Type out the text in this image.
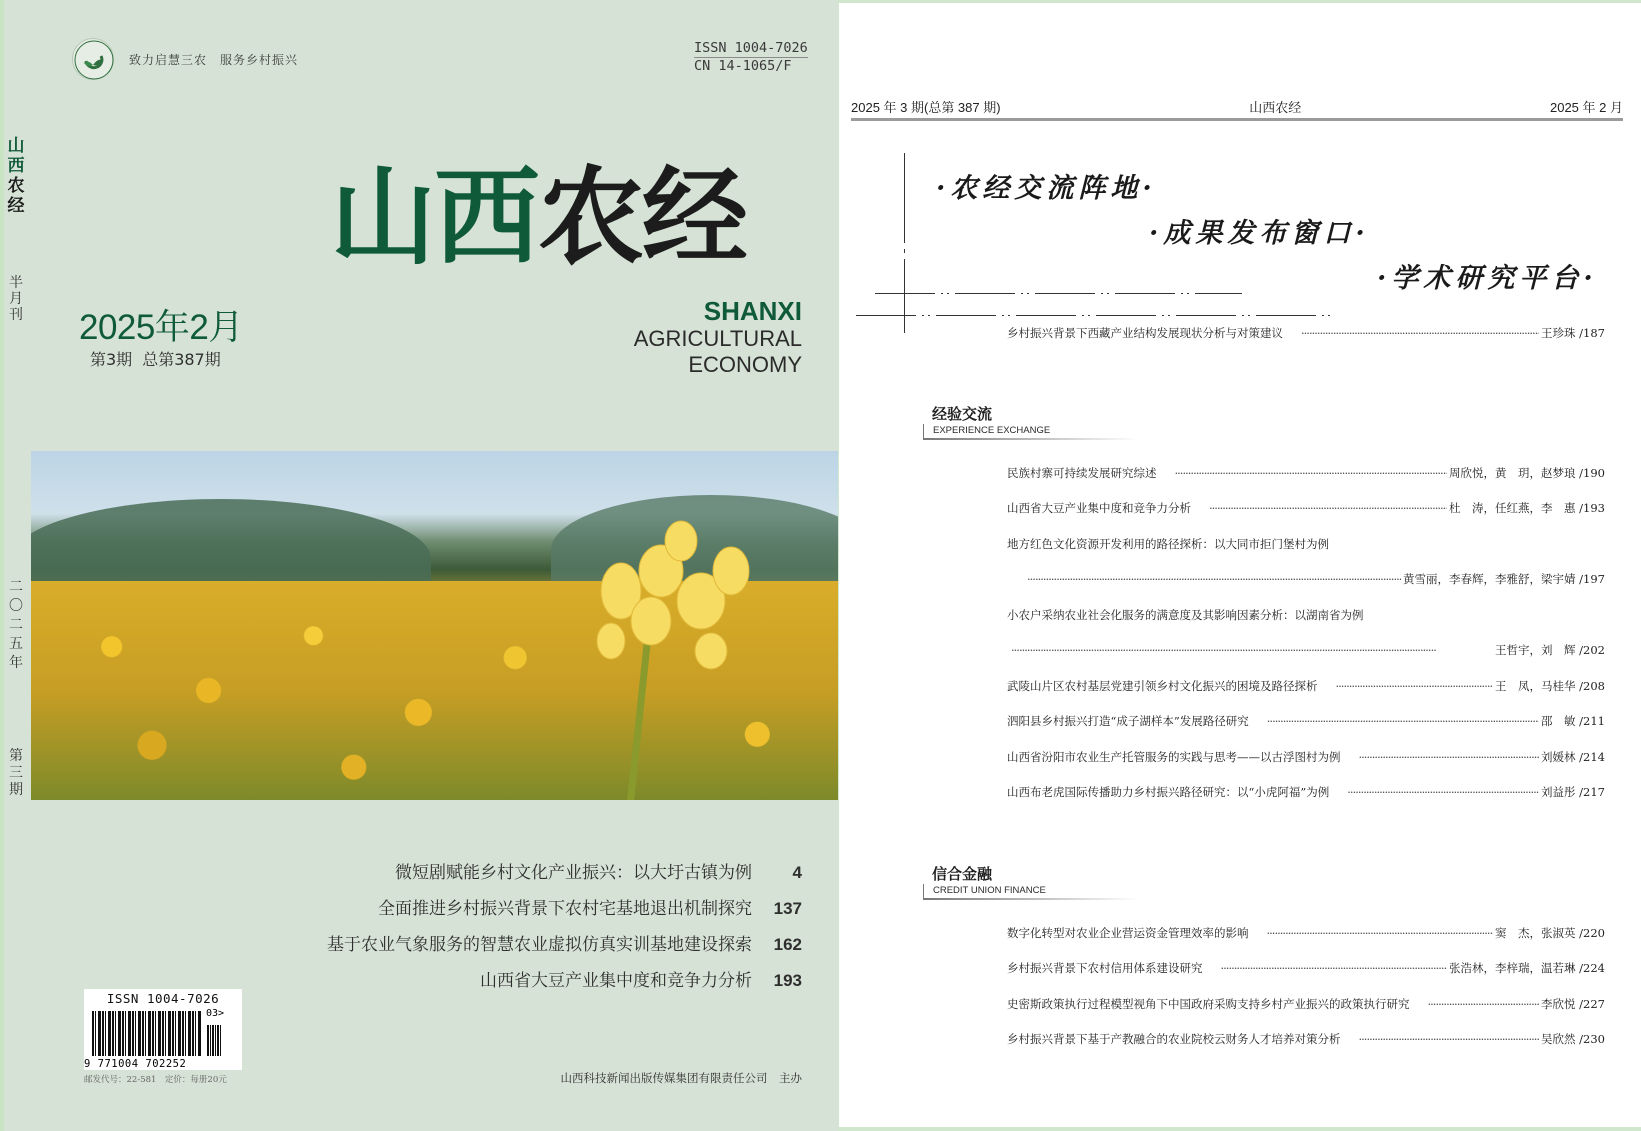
致力启慧三农　服务乡村振兴
ISSN 1004-7026
CN 14-1065/F
山西农经
半月刊
二〇二五年
第三期
山西农经
SHANXI
AGRICULTURAL
ECONOMY
2025年2月
第3期 总第387期
微短剧赋能乡村文化产业振兴：以大圩古镇为例	4
全面推进乡村振兴背景下农村宅基地退出机制探究	137
基于农业气象服务的智慧农业虚拟仿真实训基地建设探索	162
山西省大豆产业集中度和竞争力分析	193
ISSN 1004-7026
03>
9 771004 702252
邮发代号：22-581　定价：每册20元	山西科技新闻出版传媒集团有限责任公司　主办
2025 年 3 期(总第 387 期)	山西农经	2025 年 2 月
·农经交流阵地·
·成果发布窗口·
·学术研究平台·
乡村振兴背景下西藏产业结构发展现状分析与对策建议 ·····	王珍珠 /187
民族村寨可持续发展研究综述 ·····	周欣悦，黄　玥，赵梦琅 /190
山西省大豆产业集中度和竞争力分析 ·····	杜　涛，任红燕，李　惠 /193
地方红色文化资源开发利用的路径探析：以大同市拒门堡村为例
·····
黄雪丽，李春辉，李雅舒，梁宇婧 /197
小农户采纳农业社会化服务的满意度及其影响因素分析：以湖南省为例
·····
王哲宇，刘　辉 /202
武陵山片区农村基层党建引领乡村文化振兴的困境及路径探析 ·····	王　凤，马桂华 /208
泗阳县乡村振兴打造“成子湖样本”发展路径研究 ·····	邵　敏 /211
山西省汾阳市农业生产托管服务的实践与思考——以古浮图村为例 ·····	刘媛林 /214
山西布老虎国际传播助力乡村振兴路径研究：以“小虎阿福”为例 ·····	刘益彤 /217
数字化转型对农业企业营运资金管理效率的影响 ·····	窦　杰，张淑英 /220
乡村振兴背景下农村信用体系建设研究 ·····	张浩林，李梓瑞，温若琳 /224
史密斯政策执行过程模型视角下中国政府采购支持乡村产业振兴的政策执行研究 ·····	李欣悦 /227
乡村振兴背景下基于产教融合的农业院校云财务人才培养对策分析 ·····	吴欣然 /230
经验交流
EXPERIENCE EXCHANGE
信合金融
CREDIT UNION FINANCE
